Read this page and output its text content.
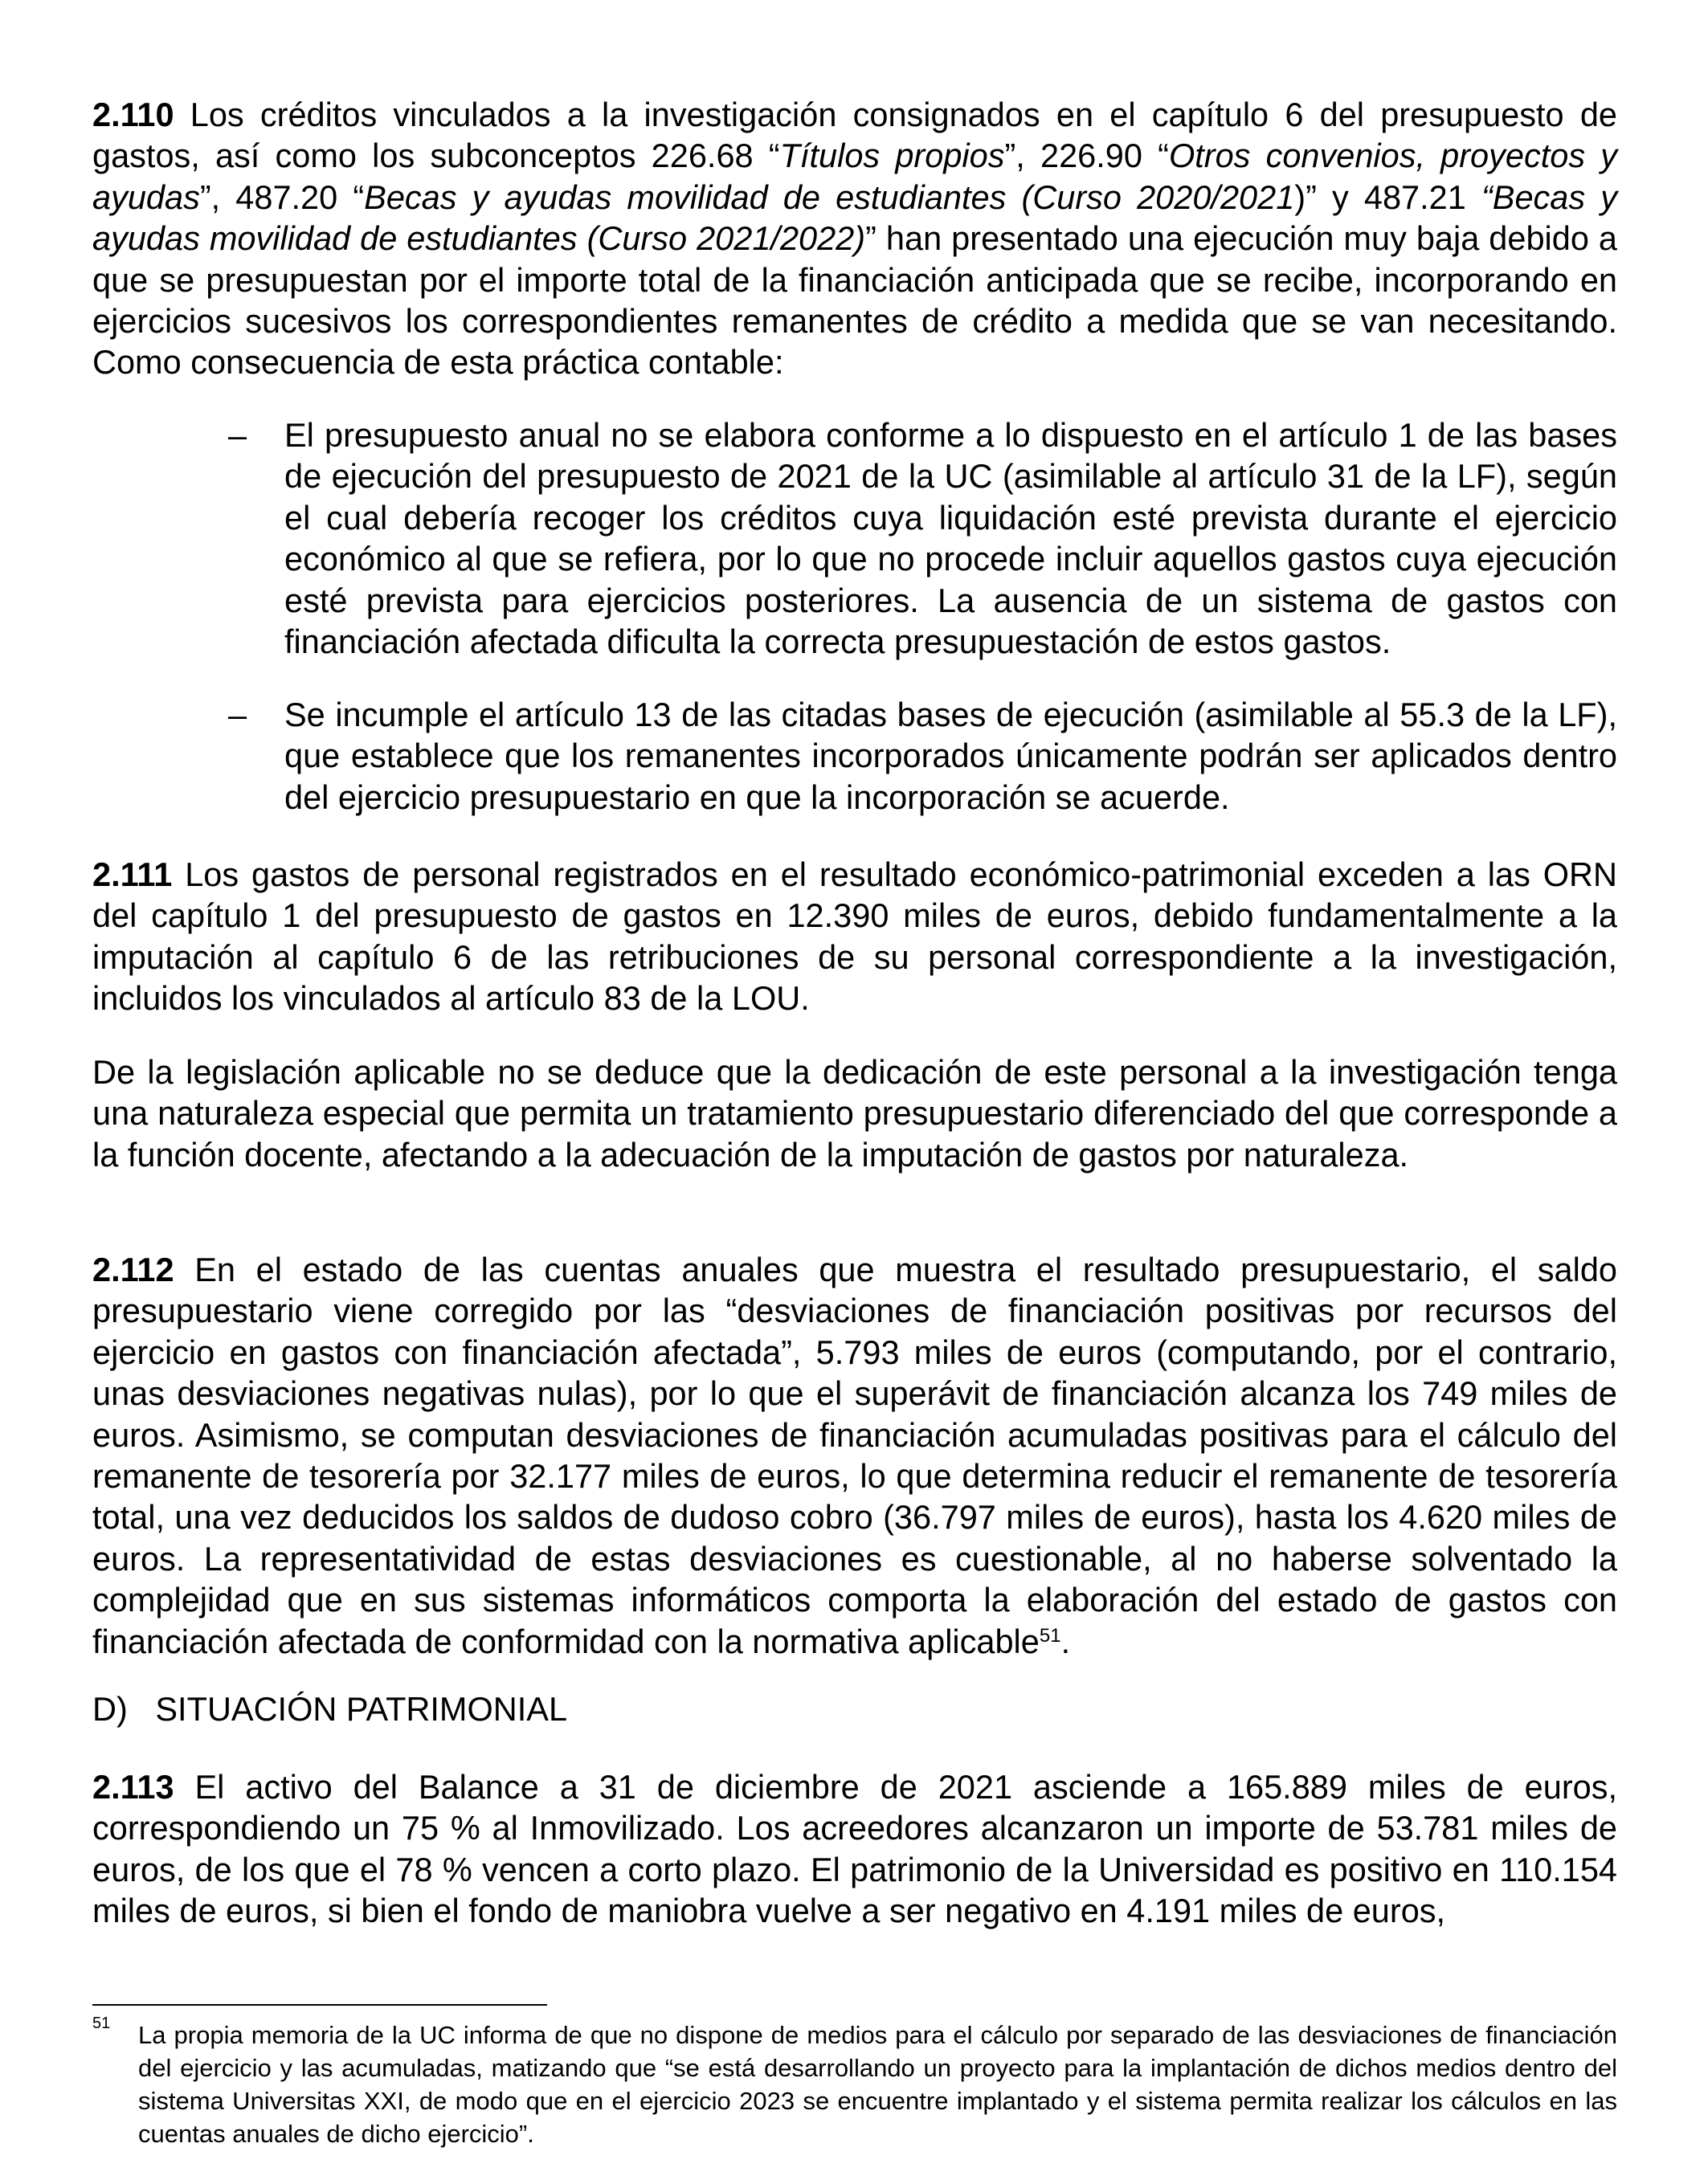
2.110 Los créditos vinculados a la investigación consignados en el capítulo 6 del presupuesto de gastos, así como los subconceptos 226.68 “Títulos propios”, 226.90 “Otros convenios, proyectos y ayudas”, 487.20 “Becas y ayudas movilidad de estudiantes (Curso 2020/2021)” y 487.21 “Becas y ayudas movilidad de estudiantes (Curso 2021/2022)” han presentado una ejecución muy baja debido a que se presupuestan por el importe total de la financiación anticipada que se recibe, incorporando en ejercicios sucesivos los correspondientes remanentes de crédito a medida que se van necesitando. Como consecuencia de esta práctica contable:
– El presupuesto anual no se elabora conforme a lo dispuesto en el artículo 1 de las bases de ejecución del presupuesto de 2021 de la UC (asimilable al artículo 31 de la LF), según el cual debería recoger los créditos cuya liquidación esté prevista durante el ejercicio económico al que se refiera, por lo que no procede incluir aquellos gastos cuya ejecución esté prevista para ejercicios posteriores. La ausencia de un sistema de gastos con financiación afectada dificulta la correcta presupuestación de estos gastos.
– Se incumple el artículo 13 de las citadas bases de ejecución (asimilable al 55.3 de la LF), que establece que los remanentes incorporados únicamente podrán ser aplicados dentro del ejercicio presupuestario en que la incorporación se acuerde.
2.111 Los gastos de personal registrados en el resultado económico-patrimonial exceden a las ORN del capítulo 1 del presupuesto de gastos en 12.390 miles de euros, debido fundamentalmente a la imputación al capítulo 6 de las retribuciones de su personal correspondiente a la investigación, incluidos los vinculados al artículo 83 de la LOU.
De la legislación aplicable no se deduce que la dedicación de este personal a la investigación tenga una naturaleza especial que permita un tratamiento presupuestario diferenciado del que corresponde a la función docente, afectando a la adecuación de la imputación de gastos por naturaleza.
2.112 En el estado de las cuentas anuales que muestra el resultado presupuestario, el saldo presupuestario viene corregido por las “desviaciones de financiación positivas por recursos del ejercicio en gastos con financiación afectada”, 5.793 miles de euros (computando, por el contrario, unas desviaciones negativas nulas), por lo que el superávit de financiación alcanza los 749 miles de euros. Asimismo, se computan desviaciones de financiación acumuladas positivas para el cálculo del remanente de tesorería por 32.177 miles de euros, lo que determina reducir el remanente de tesorería total, una vez deducidos los saldos de dudoso cobro (36.797 miles de euros), hasta los 4.620 miles de euros. La representatividad de estas desviaciones es cuestionable, al no haberse solventado la complejidad que en sus sistemas informáticos comporta la elaboración del estado de gastos con financiación afectada de conformidad con la normativa aplicable$^{51}$.
D)   SITUACIÓN PATRIMONIAL
2.113 El activo del Balance a 31 de diciembre de 2021 asciende a 165.889 miles de euros, correspondiendo un 75 % al Inmovilizado. Los acreedores alcanzaron un importe de 53.781 miles de euros, de los que el 78 % vencen a corto plazo. El patrimonio de la Universidad es positivo en 110.154 miles de euros, si bien el fondo de maniobra vuelve a ser negativo en 4.191 miles de euros,
51 La propia memoria de la UC informa de que no dispone de medios para el cálculo por separado de las desviaciones de financiación del ejercicio y las acumuladas, matizando que “se está desarrollando un proyecto para la implantación de dichos medios dentro del sistema Universitas XXI, de modo que en el ejercicio 2023 se encuentre implantado y el sistema permita realizar los cálculos en las cuentas anuales de dicho ejercicio”.
